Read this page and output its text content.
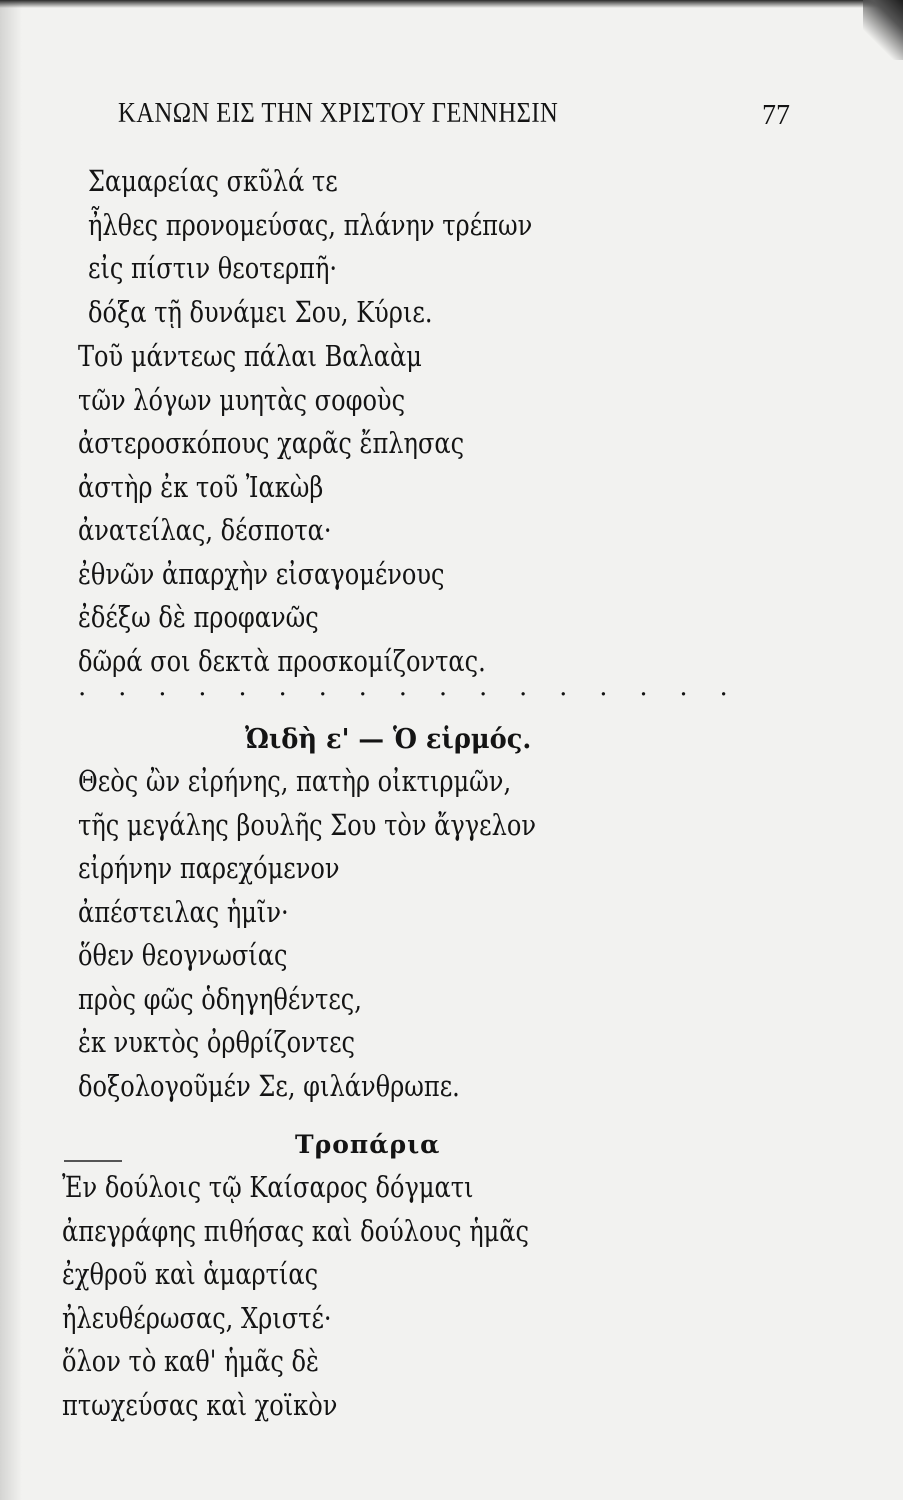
ΚΑΝΩΝ ΕΙΣ ΤΗΝ ΧΡΙΣΤΟΥ ΓΕΝΝΗΣΙΝ	77
Σαμαρείας σκῦλά τε
ἦλθες προνομεύσας, πλάνην τρέπων
εἰς πίστιν θεοτερπῆ·
δόξα τῇ δυνάμει Σου, Κύριε.
Τοῦ μάντεως πάλαι Βαλαὰμ
τῶν λόγων μυητὰς σοφοὺς
ἀστεροσκόπους χαρᾶς ἔπλησας
ἀστὴρ ἐκ τοῦ Ἰακὼβ
ἀνατείλας, δέσποτα·
ἐθνῶν ἀπαρχὴν εἰσαγομένους
ἐδέξω δὲ προφανῶς
δῶρά σοι δεκτὰ προσκομίζοντας.
. . . . . . . . . . . . . . . . .
Ὠιδὴ ε' — Ὁ εἱρμός.
Θεὸς ὢν εἰρήνης, πατὴρ οἰκτιρμῶν,
τῆς μεγάλης βουλῆς Σου τὸν ἄγγελον
εἰρήνην παρεχόμενον
ἀπέστειλας ἡμῖν·
ὅθεν θεογνωσίας
πρὸς φῶς ὁδηγηθέντες,
ἐκ νυκτὸς ὀρθρίζοντες
δοξολογοῦμέν Σε, φιλάνθρωπε.
Τροπάρια
Ἐν δούλοις τῷ Καίσαρος δόγματι
ἀπεγράφης πιθήσας καὶ δούλους ἡμᾶς
ἐχθροῦ καὶ ἁμαρτίας
ἠλευθέρωσας, Χριστέ·
ὅλον τὸ καθ' ἡμᾶς δὲ
πτωχεύσας καὶ χοϊκὸν
